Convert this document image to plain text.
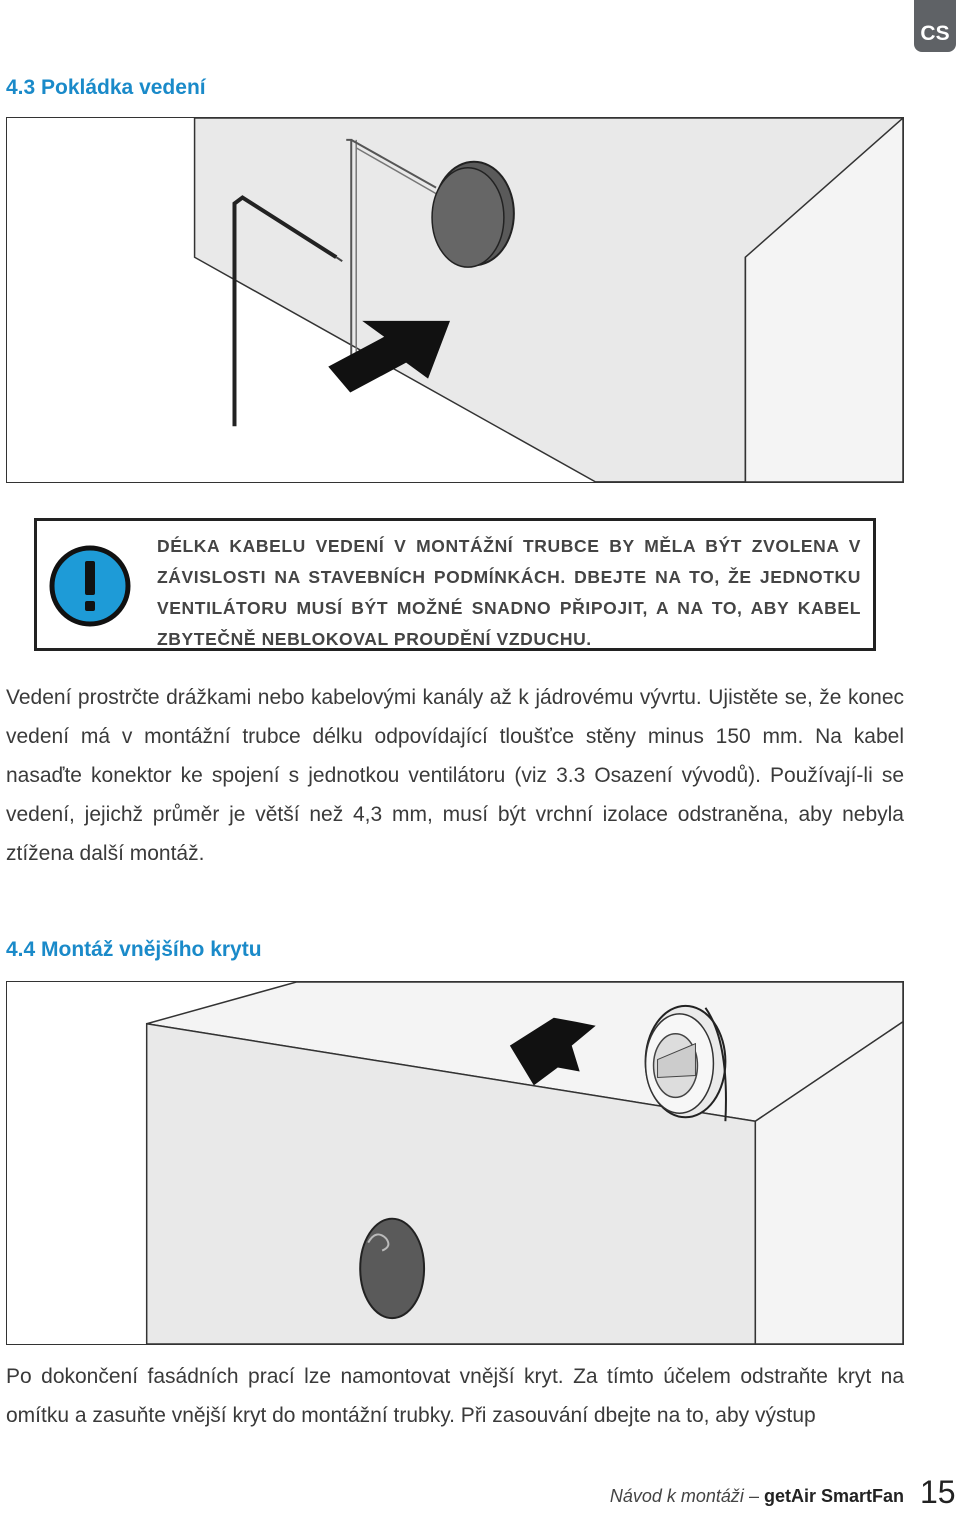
CS
4.3 Pokládka vedení
DÉLKA KABELU VEDENÍ V MONTÁŽNÍ TRUBCE BY MĚLA BÝT ZVOLENA V ZÁVISLOSTI NA STAVEBNÍCH PODMÍNKÁCH. DBEJTE NA TO, ŽE JEDNOTKU VENTILÁTORU MUSÍ BÝT MOŽNÉ SNADNO PŘIPOJIT, A NA TO, ABY KABEL ZBYTEČNĚ NEBLOKOVAL PROUDĚNÍ VZDUCHU.

Vedení prostrčte drážkami nebo kabelovými kanály až k jádrovému vývrtu. Ujistěte se, že konec vedení má v montážní trubce délku odpovídající tloušťce stěny minus 150 mm. Na kabel nasaďte konektor ke spojení s jednotkou ventilátoru (viz 3.3 Osazení vývodů). Používají-li se vedení, jejichž průměr je větší než 4,3 mm, musí být vrchní izolace odstraněna, aby nebyla ztížena další montáž.

4.4 Montáž vnějšího krytu

Po dokončení fasádních prací lze namontovat vnější kryt. Za tímto účelem odstraňte kryt na omítku a zasuňte vnější kryt do montážní trubky. Při zasouvání dbejte na to, aby výstup

Návod k montáži – getAir SmartFan 15
